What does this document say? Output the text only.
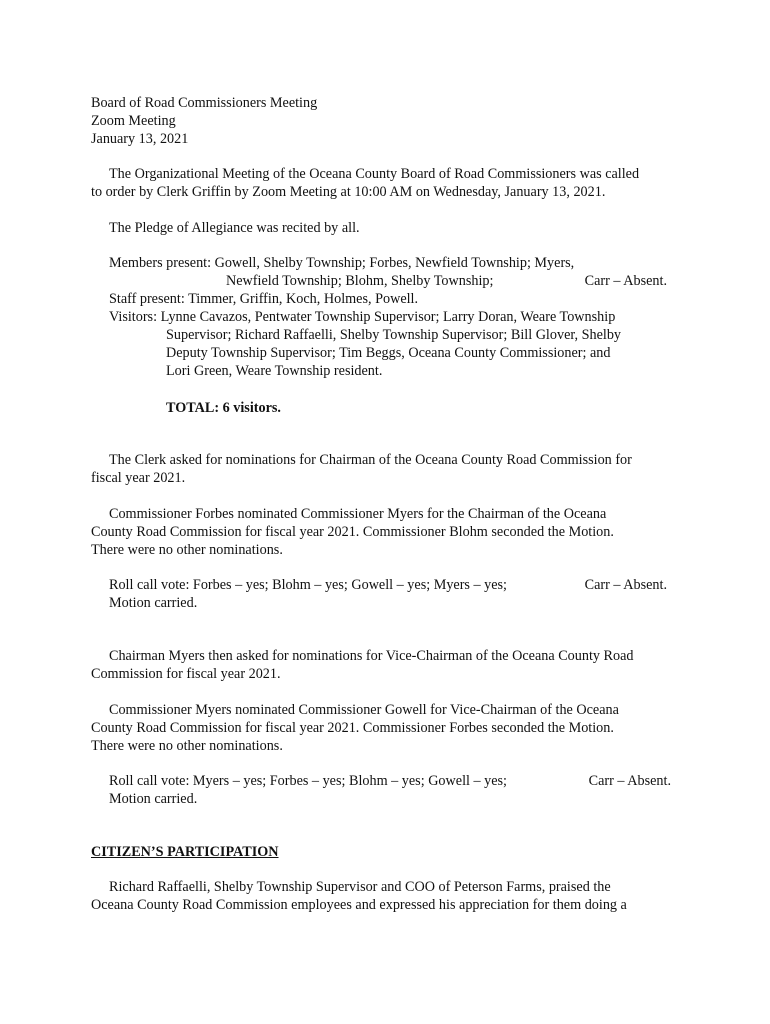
Board of Road Commissioners Meeting
Zoom Meeting
January 13, 2021
The Organizational Meeting of the Oceana County Board of Road Commissioners was called
to order by Clerk Griffin by Zoom Meeting at 10:00 AM on Wednesday, January 13, 2021.
The Pledge of Allegiance was recited by all.
Members present: Gowell, Shelby Township; Forbes, Newfield Township; Myers,
Newfield Township; Blohm, Shelby Township;	Carr – Absent.
Staff present: Timmer, Griffin, Koch, Holmes, Powell.
Visitors: Lynne Cavazos, Pentwater Township Supervisor; Larry Doran, Weare Township
Supervisor; Richard Raffaelli, Shelby Township Supervisor; Bill Glover, Shelby
Deputy Township Supervisor; Tim Beggs, Oceana County Commissioner; and
Lori Green, Weare Township resident.
TOTAL: 6 visitors.
The Clerk asked for nominations for Chairman of the Oceana County Road Commission for
fiscal year 2021.
Commissioner Forbes nominated Commissioner Myers for the Chairman of the Oceana
County Road Commission for fiscal year 2021. Commissioner Blohm seconded the Motion.
There were no other nominations.
Roll call vote: Forbes – yes; Blohm – yes; Gowell – yes; Myers – yes;	Carr – Absent.
Motion carried.
Chairman Myers then asked for nominations for Vice-Chairman of the Oceana County Road
Commission for fiscal year 2021.
Commissioner Myers nominated Commissioner Gowell for Vice-Chairman of the Oceana
County Road Commission for fiscal year 2021. Commissioner Forbes seconded the Motion.
There were no other nominations.
Roll call vote: Myers – yes; Forbes – yes; Blohm – yes; Gowell – yes;	Carr – Absent.
Motion carried.
CITIZEN’S PARTICIPATION
Richard Raffaelli, Shelby Township Supervisor and COO of Peterson Farms, praised the
Oceana County Road Commission employees and expressed his appreciation for them doing a
